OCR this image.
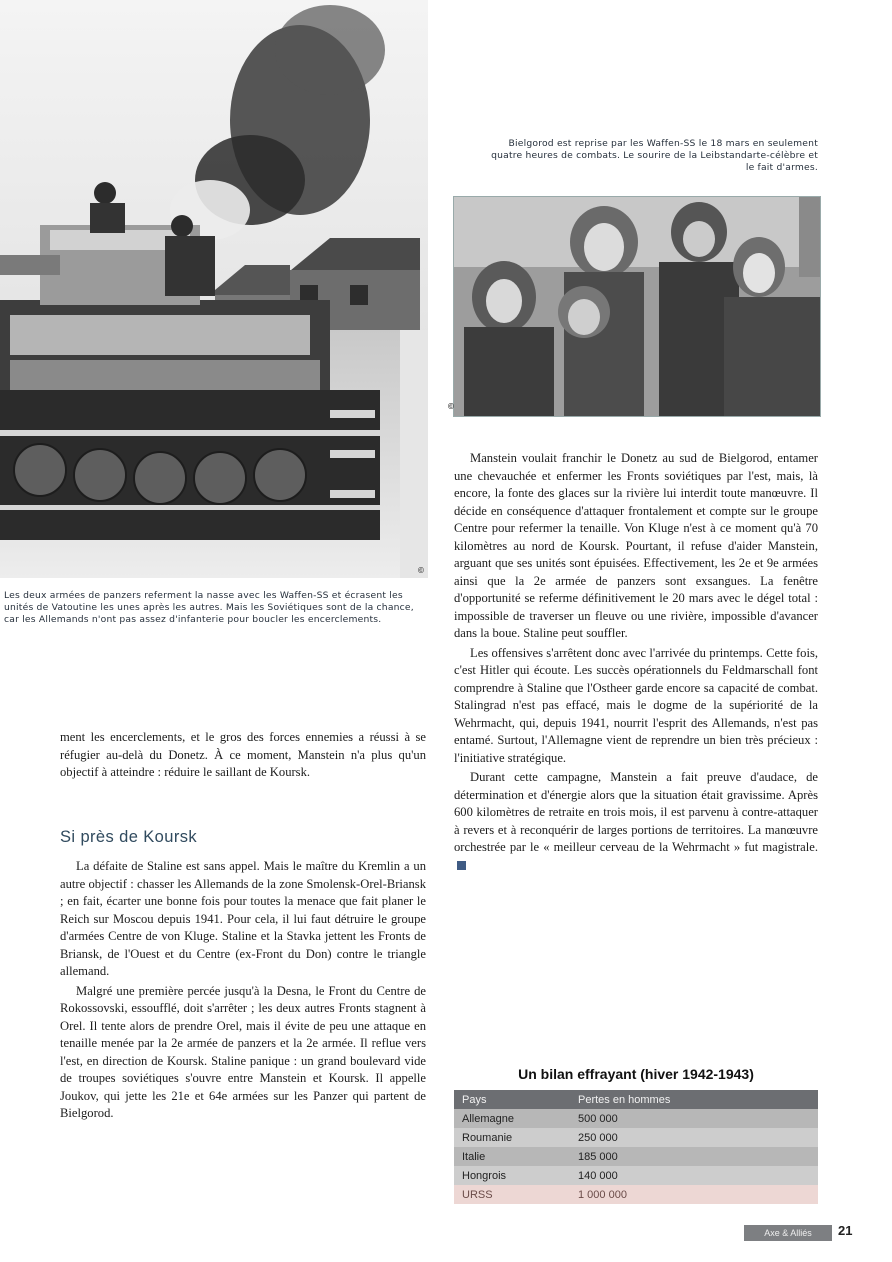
©
Les deux armées de panzers referment la nasse avec les Waffen-SS et écrasent les unités de Vatoutine les unes après les autres. Mais les Soviétiques sont de la chance, car les Allemands n'ont pas assez d'infanterie pour boucler les encerclements.
Bielgorod est reprise par les Waffen-SS le 18 mars en seulement quatre heures de combats. Le sourire de la Leibstandarte-célèbre et le fait d'armes.
©

ment les encerclements, et le gros des forces ennemies a réussi à se réfugier au-delà du Donetz. À ce moment, Manstein n'a plus qu'un objectif à atteindre : réduire le saillant de Koursk.

Si près de Koursk

La défaite de Staline est sans appel. Mais le maître du Kremlin a un autre objectif : chasser les Allemands de la zone Smolensk-Orel-Briansk ; en fait, écarter une bonne fois pour toutes la menace que fait planer le Reich sur Moscou depuis 1941. Pour cela, il lui faut détruire le groupe d'armées Centre de von Kluge. Staline et la Stavka jettent les Fronts de Briansk, de l'Ouest et du Centre (ex-Front du Don) contre le triangle allemand.

Malgré une première percée jusqu'à la Desna, le Front du Centre de Rokossovski, essoufflé, doit s'arrêter ; les deux autres Fronts stagnent à Orel. Il tente alors de prendre Orel, mais il évite de peu une attaque en tenaille menée par la 2e armée de panzers et la 2e armée. Il reflue vers l'est, en direction de Koursk. Staline panique : un grand boulevard vide de troupes soviétiques s'ouvre entre Manstein et Koursk. Il appelle Joukov, qui jette les 21e et 64e armées sur les Panzer qui partent de Bielgorod.

Manstein voulait franchir le Donetz au sud de Bielgorod, entamer une chevauchée et enfermer les Fronts soviétiques par l'est, mais, là encore, la fonte des glaces sur la rivière lui interdit toute manœuvre. Il décide en conséquence d'attaquer frontalement et compte sur le groupe Centre pour refermer la tenaille. Von Kluge n'est à ce moment qu'à 70 kilomètres au nord de Koursk. Pourtant, il refuse d'aider Manstein, arguant que ses unités sont épuisées. Effectivement, les 2e et 9e armées ainsi que la 2e armée de panzers sont exsangues. La fenêtre d'opportunité se referme définitivement le 20 mars avec le dégel total : impossible de traverser un fleuve ou une rivière, impossible d'avancer dans la boue. Staline peut souffler.

Les offensives s'arrêtent donc avec l'arrivée du printemps. Cette fois, c'est Hitler qui écoute. Les succès opérationnels du Feldmarschall font comprendre à Staline que l'Ostheer garde encore sa capacité de combat. Stalingrad n'est pas effacé, mais le dogme de la supériorité de la Wehrmacht, qui, depuis 1941, nourrit l'esprit des Allemands, n'est pas entamé. Surtout, l'Allemagne vient de reprendre un bien très précieux : l'initiative stratégique.

Durant cette campagne, Manstein a fait preuve d'audace, de détermination et d'énergie alors que la situation était gravissime. Après 600 kilomètres de retraite en trois mois, il est parvenu à contre-attaquer à revers et à reconquérir de larges portions de territoires. La manœuvre orchestrée par le « meilleur cerveau de la Wehrmacht » fut magistrale.

Un bilan effrayant (hiver 1942-1943)
Pays	Pertes en hommes
Allemagne	500 000
Roumanie	250 000
Italie	185 000
Hongrois	140 000
URSS	1 000 000
Axe & Alliés	21
